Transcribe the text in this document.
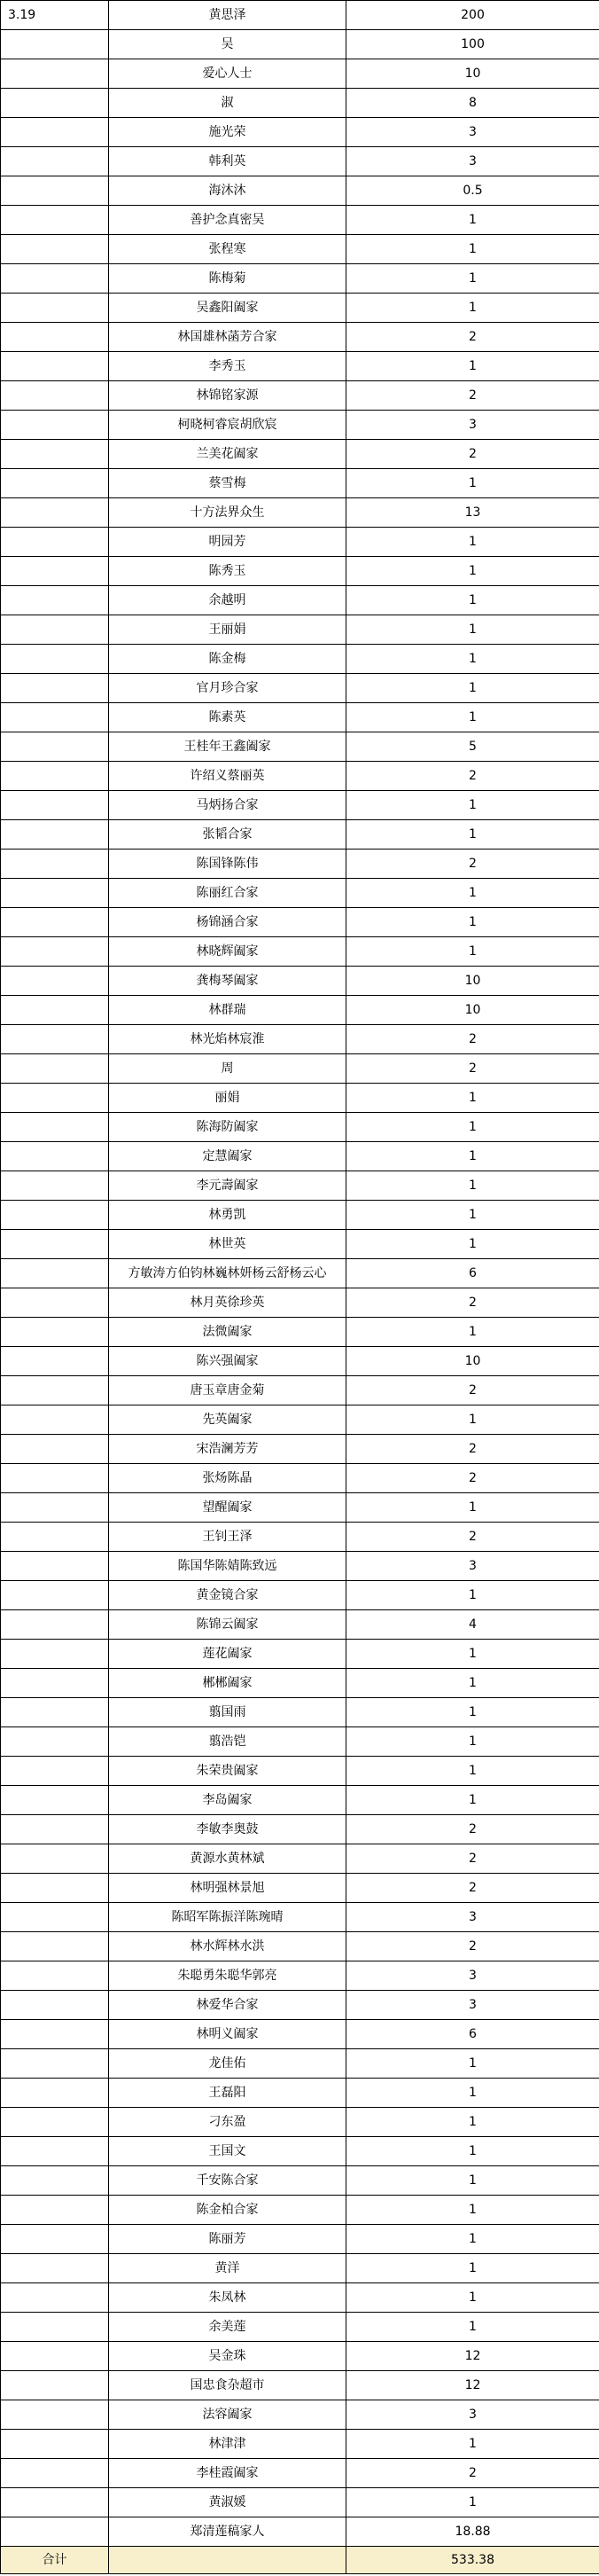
3.19	黄思泽	200
	吴	100
	爱心人士	10
	淑	8
	施光荣	3
	韩利英	3
	海沐沐	0.5
	善护念真密吴	1
	张程寒	1
	陈梅菊	1
	吴鑫阳阖家	1
	林国雄林菡芳合家	2
	李秀玉	1
	林锦铭家源	2
	柯晓柯睿宸胡欣宸	3
	兰美花阖家	2
	蔡雪梅	1
	十方法界众生	13
	明园芳	1
	陈秀玉	1
	余越明	1
	王丽娟	1
	陈金梅	1
	官月珍合家	1
	陈素英	1
	王桂年王鑫阖家	5
	许绍义蔡丽英	2
	马炳扬合家	1
	张韬合家	1
	陈国锋陈伟	2
	陈丽红合家	1
	杨锦涵合家	1
	林晓辉阖家	1
	龚梅琴阖家	10
	林群瑞	10
	林光焰林宸淮	2
	周	2
	丽娟	1
	陈海防阖家	1
	定慧阖家	1
	李元壽阖家	1
	林勇凯	1
	林世英	1
	方敏涛方伯钧林巍林妍杨云舒杨云心	6
	林月英徐珍英	2
	法微阖家	1
	陈兴强阖家	10
	唐玉章唐金菊	2
	先英阖家	1
	宋浩澜芳芳	2
	张炀陈晶	2
	望醒阖家	1
	王钊王泽	2
	陈国华陈婧陈致远	3
	黄金镜合家	1
	陈锦云阖家	4
	莲花阖家	1
	郴郴阖家	1
	翦国雨	1
	翦浩铠	1
	朱荣贵阖家	1
	李岛阖家	1
	李敏李奥鼓	2
	黄源水黄林斌	2
	林明强林景旭	2
	陈昭军陈振洋陈琬晴	3
	林水辉林水洪	2
	朱聪勇朱聪华郭亮	3
	林爱华合家	3
	林明义阖家	6
	龙佳佑	1
	王磊阳	1
	刁东盈	1
	王国文	1
	千安陈合家	1
	陈金柏合家	1
	陈丽芳	1
	黄洋	1
	朱凤林	1
	余美莲	1
	吴金珠	12
	国忠食杂超市	12
	法容阖家	3
	林津津	1
	李桂霞阖家	2
	黄淑媛	1
	郑清莲稿家人	18.88
合计		533.38
